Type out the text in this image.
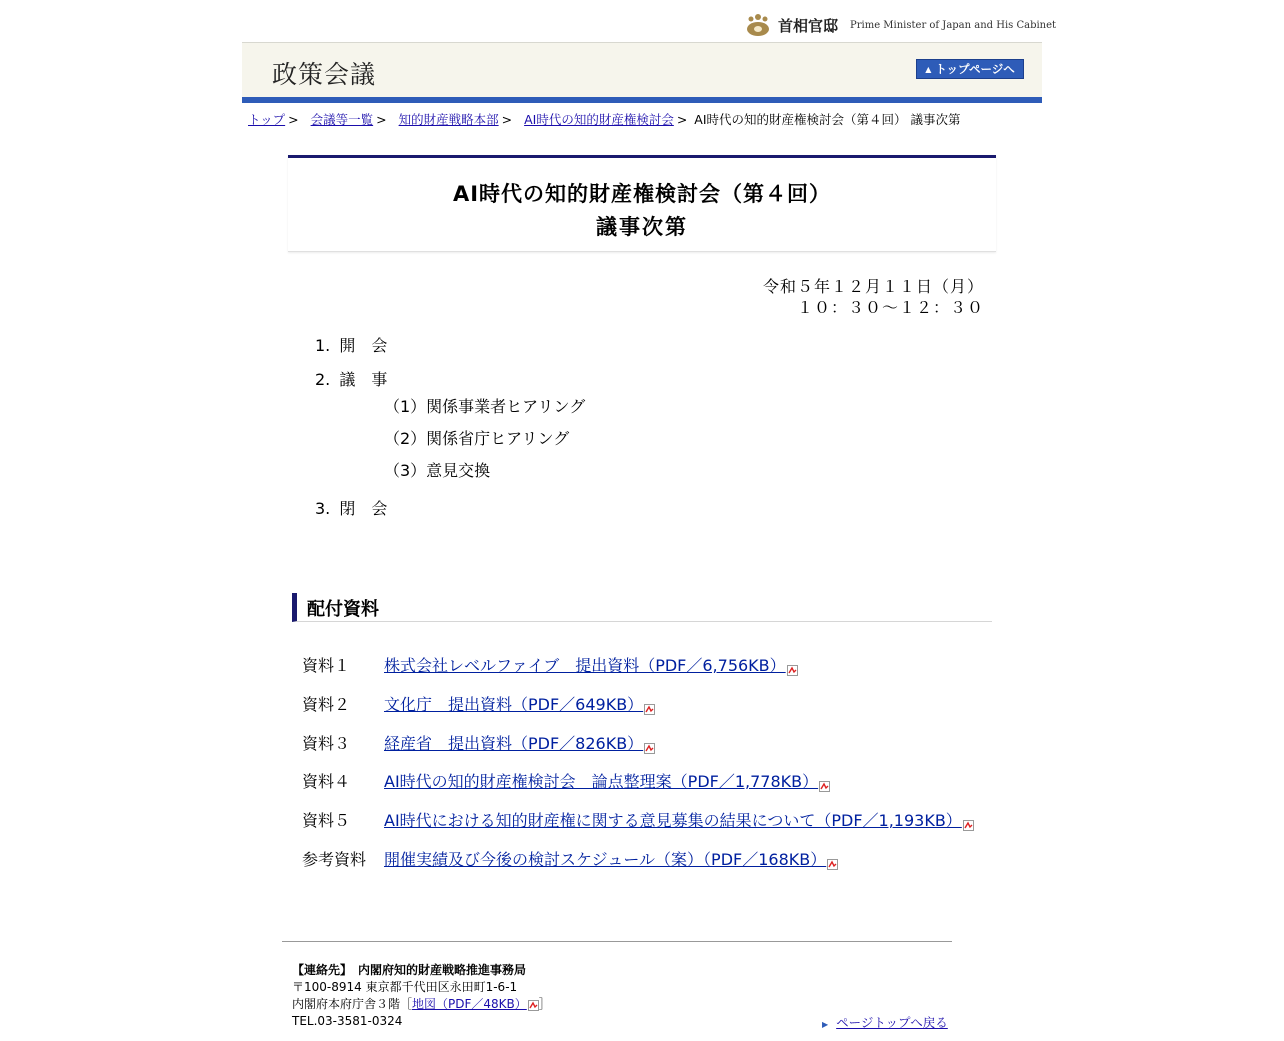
首相官邸 Prime Minister of Japan and His Cabinet
政策会議	▲ トップページへ
トップ > 会議等一覧 > 知的財産戦略本部 > AI時代の知的財産権検討会 > AI時代の知的財産権検討会（第４回） 議事次第
AI時代の知的財産権検討会（第４回）
議事次第
令和５年１２月１１日（月）
１０：３０～１２：３０
1. 開　会
2. 議　事
（1）関係事業者ヒアリング
（2）関係省庁ヒアリング
（3）意見交換
3. 閉　会
配付資料
資料１ 株式会社レベルファイブ　提出資料（PDF／6,756KB）
資料２ 文化庁　提出資料（PDF／649KB）
資料３ 経産省　提出資料（PDF／826KB）
資料４ AI時代の知的財産権検討会　論点整理案（PDF／1,778KB）
資料５ AI時代における知的財産権に関する意見募集の結果について（PDF／1,193KB）
参考資料 開催実績及び今後の検討スケジュール（案）（PDF／168KB）
【連絡先】　内閣府知的財産戦略推進事務局
〒100-8914 東京都千代田区永田町1-6-1
内閣府本府庁舎３階［地図（PDF／48KB） ］
TEL.03-3581-0324	▶ ページトップへ戻る
